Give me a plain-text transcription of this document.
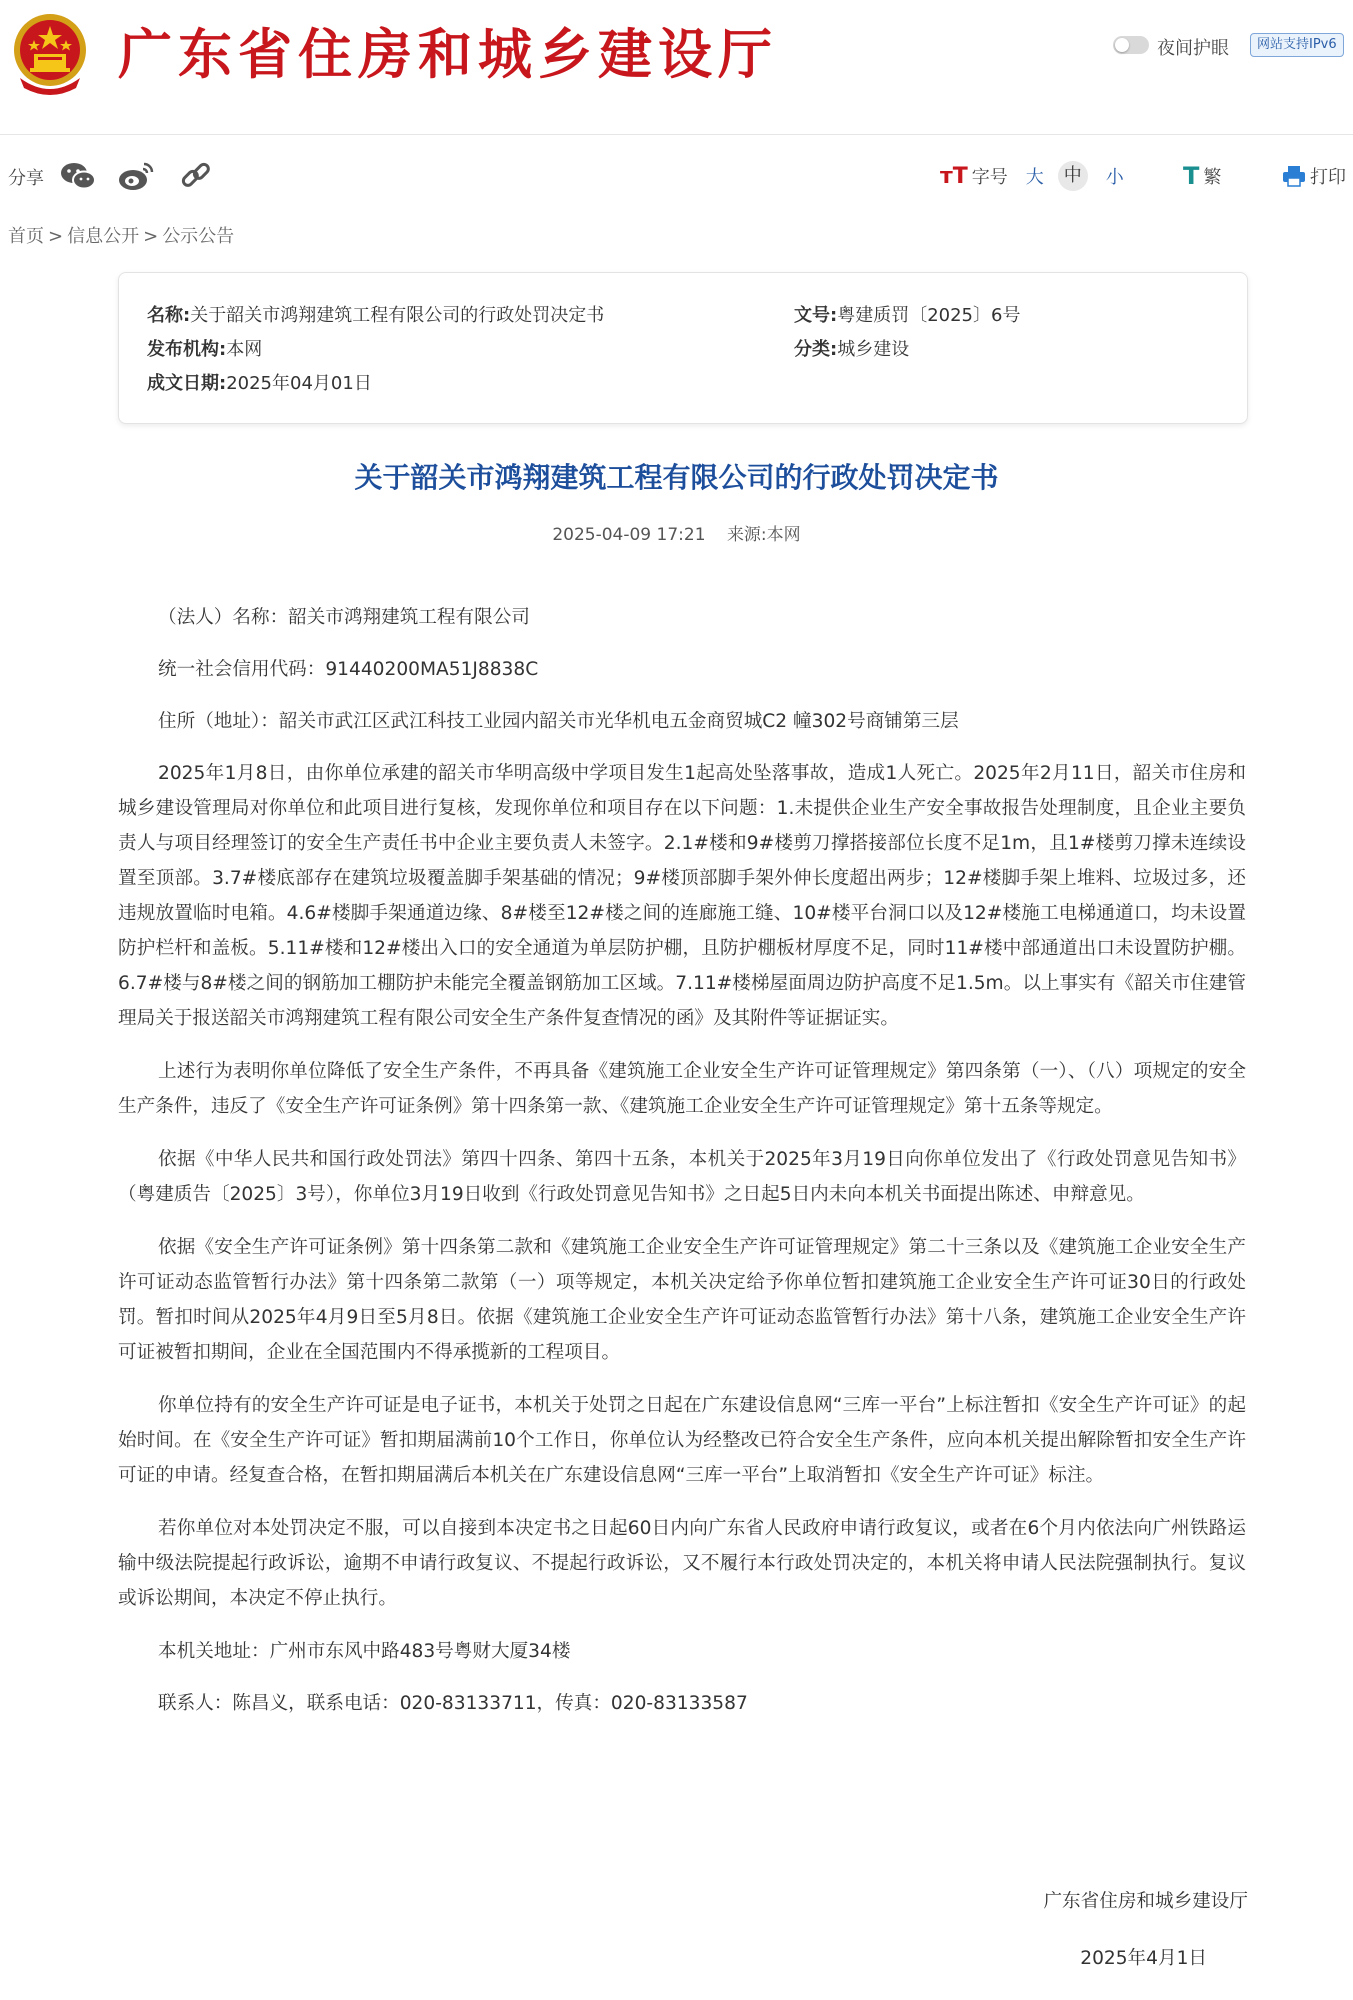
广东省住房和城乡建设厅	夜间护眼	网站支持IPv6
分享	тT 字号 大	中	小 T 繁	打印
首页 > 信息公开 > 公示公告
名称:关于韶关市鸿翔建筑工程有限公司的行政处罚决定书	文号:粤建质罚〔2025〕6号
发布机构:本网	分类:城乡建设
成文日期:2025年04月01日
关于韶关市鸿翔建筑工程有限公司的行政处罚决定书
2025-04-09 17:21 来源:本网

（法人）名称：韶关市鸿翔建筑工程有限公司

统一社会信用代码：91440200MA51J8838C

住所（地址）：韶关市武江区武江科技工业园内韶关市光华机电五金商贸城C2 幢302号商铺第三层

2025年1月8日，由你单位承建的韶关市华明高级中学项目发生1起高处坠落事故，造成1人死亡。2025年2月11日，韶关市住房和城乡建设管理局对你单位和此项目进行复核，发现你单位和项目存在以下问题：1.未提供企业生产安全事故报告处理制度，且企业主要负责人与项目经理签订的安全生产责任书中企业主要负责人未签字。2.1#楼和9#楼剪刀撑搭接部位长度不足1m，且1#楼剪刀撑未连续设置至顶部。3.7#楼底部存在建筑垃圾覆盖脚手架基础的情况；9#楼顶部脚手架外伸长度超出两步；12#楼脚手架上堆料、垃圾过多，还违规放置临时电箱。4.6#楼脚手架通道边缘、8#楼至12#楼之间的连廊施工缝、10#楼平台洞口以及12#楼施工电梯通道口，均未设置防护栏杆和盖板。5.11#楼和12#楼出入口的安全通道为单层防护棚，且防护棚板材厚度不足，同时11#楼中部通道出口未设置防护棚。6.7#楼与8#楼之间的钢筋加工棚防护未能完全覆盖钢筋加工区域。7.11#楼梯屋面周边防护高度不足1.5m。以上事实有《韶关市住建管理局关于报送韶关市鸿翔建筑工程有限公司安全生产条件复查情况的函》及其附件等证据证实。

上述行为表明你单位降低了安全生产条件，不再具备《建筑施工企业安全生产许可证管理规定》第四条第（一）、（八）项规定的安全生产条件，违反了《安全生产许可证条例》第十四条第一款、《建筑施工企业安全生产许可证管理规定》第十五条等规定。

依据《中华人民共和国行政处罚法》第四十四条、第四十五条，本机关于2025年3月19日向你单位发出了《行政处罚意见告知书》（粤建质告〔2025〕3号），你单位3月19日收到《行政处罚意见告知书》之日起5日内未向本机关书面提出陈述、申辩意见。

依据《安全生产许可证条例》第十四条第二款和《建筑施工企业安全生产许可证管理规定》第二十三条以及《建筑施工企业安全生产许可证动态监管暂行办法》第十四条第二款第（一）项等规定，本机关决定给予你单位暂扣建筑施工企业安全生产许可证30日的行政处罚。暂扣时间从2025年4月9日至5月8日。依据《建筑施工企业安全生产许可证动态监管暂行办法》第十八条，建筑施工企业安全生产许可证被暂扣期间，企业在全国范围内不得承揽新的工程项目。

你单位持有的安全生产许可证是电子证书，本机关于处罚之日起在广东建设信息网“三库一平台”上标注暂扣《安全生产许可证》的起始时间。在《安全生产许可证》暂扣期届满前10个工作日，你单位认为经整改已符合安全生产条件，应向本机关提出解除暂扣安全生产许可证的申请。经复查合格，在暂扣期届满后本机关在广东建设信息网“三库一平台”上取消暂扣《安全生产许可证》标注。

若你单位对本处罚决定不服，可以自接到本决定书之日起60日内向广东省人民政府申请行政复议，或者在6个月内依法向广州铁路运输中级法院提起行政诉讼，逾期不申请行政复议、不提起行政诉讼，又不履行本行政处罚决定的，本机关将申请人民法院强制执行。复议或诉讼期间，本决定不停止执行。

本机关地址：广州市东风中路483号粤财大厦34楼

联系人：陈昌义，联系电话：020-83133711，传真：020-83133587

广东省住房和城乡建设厅
2025年4月1日
